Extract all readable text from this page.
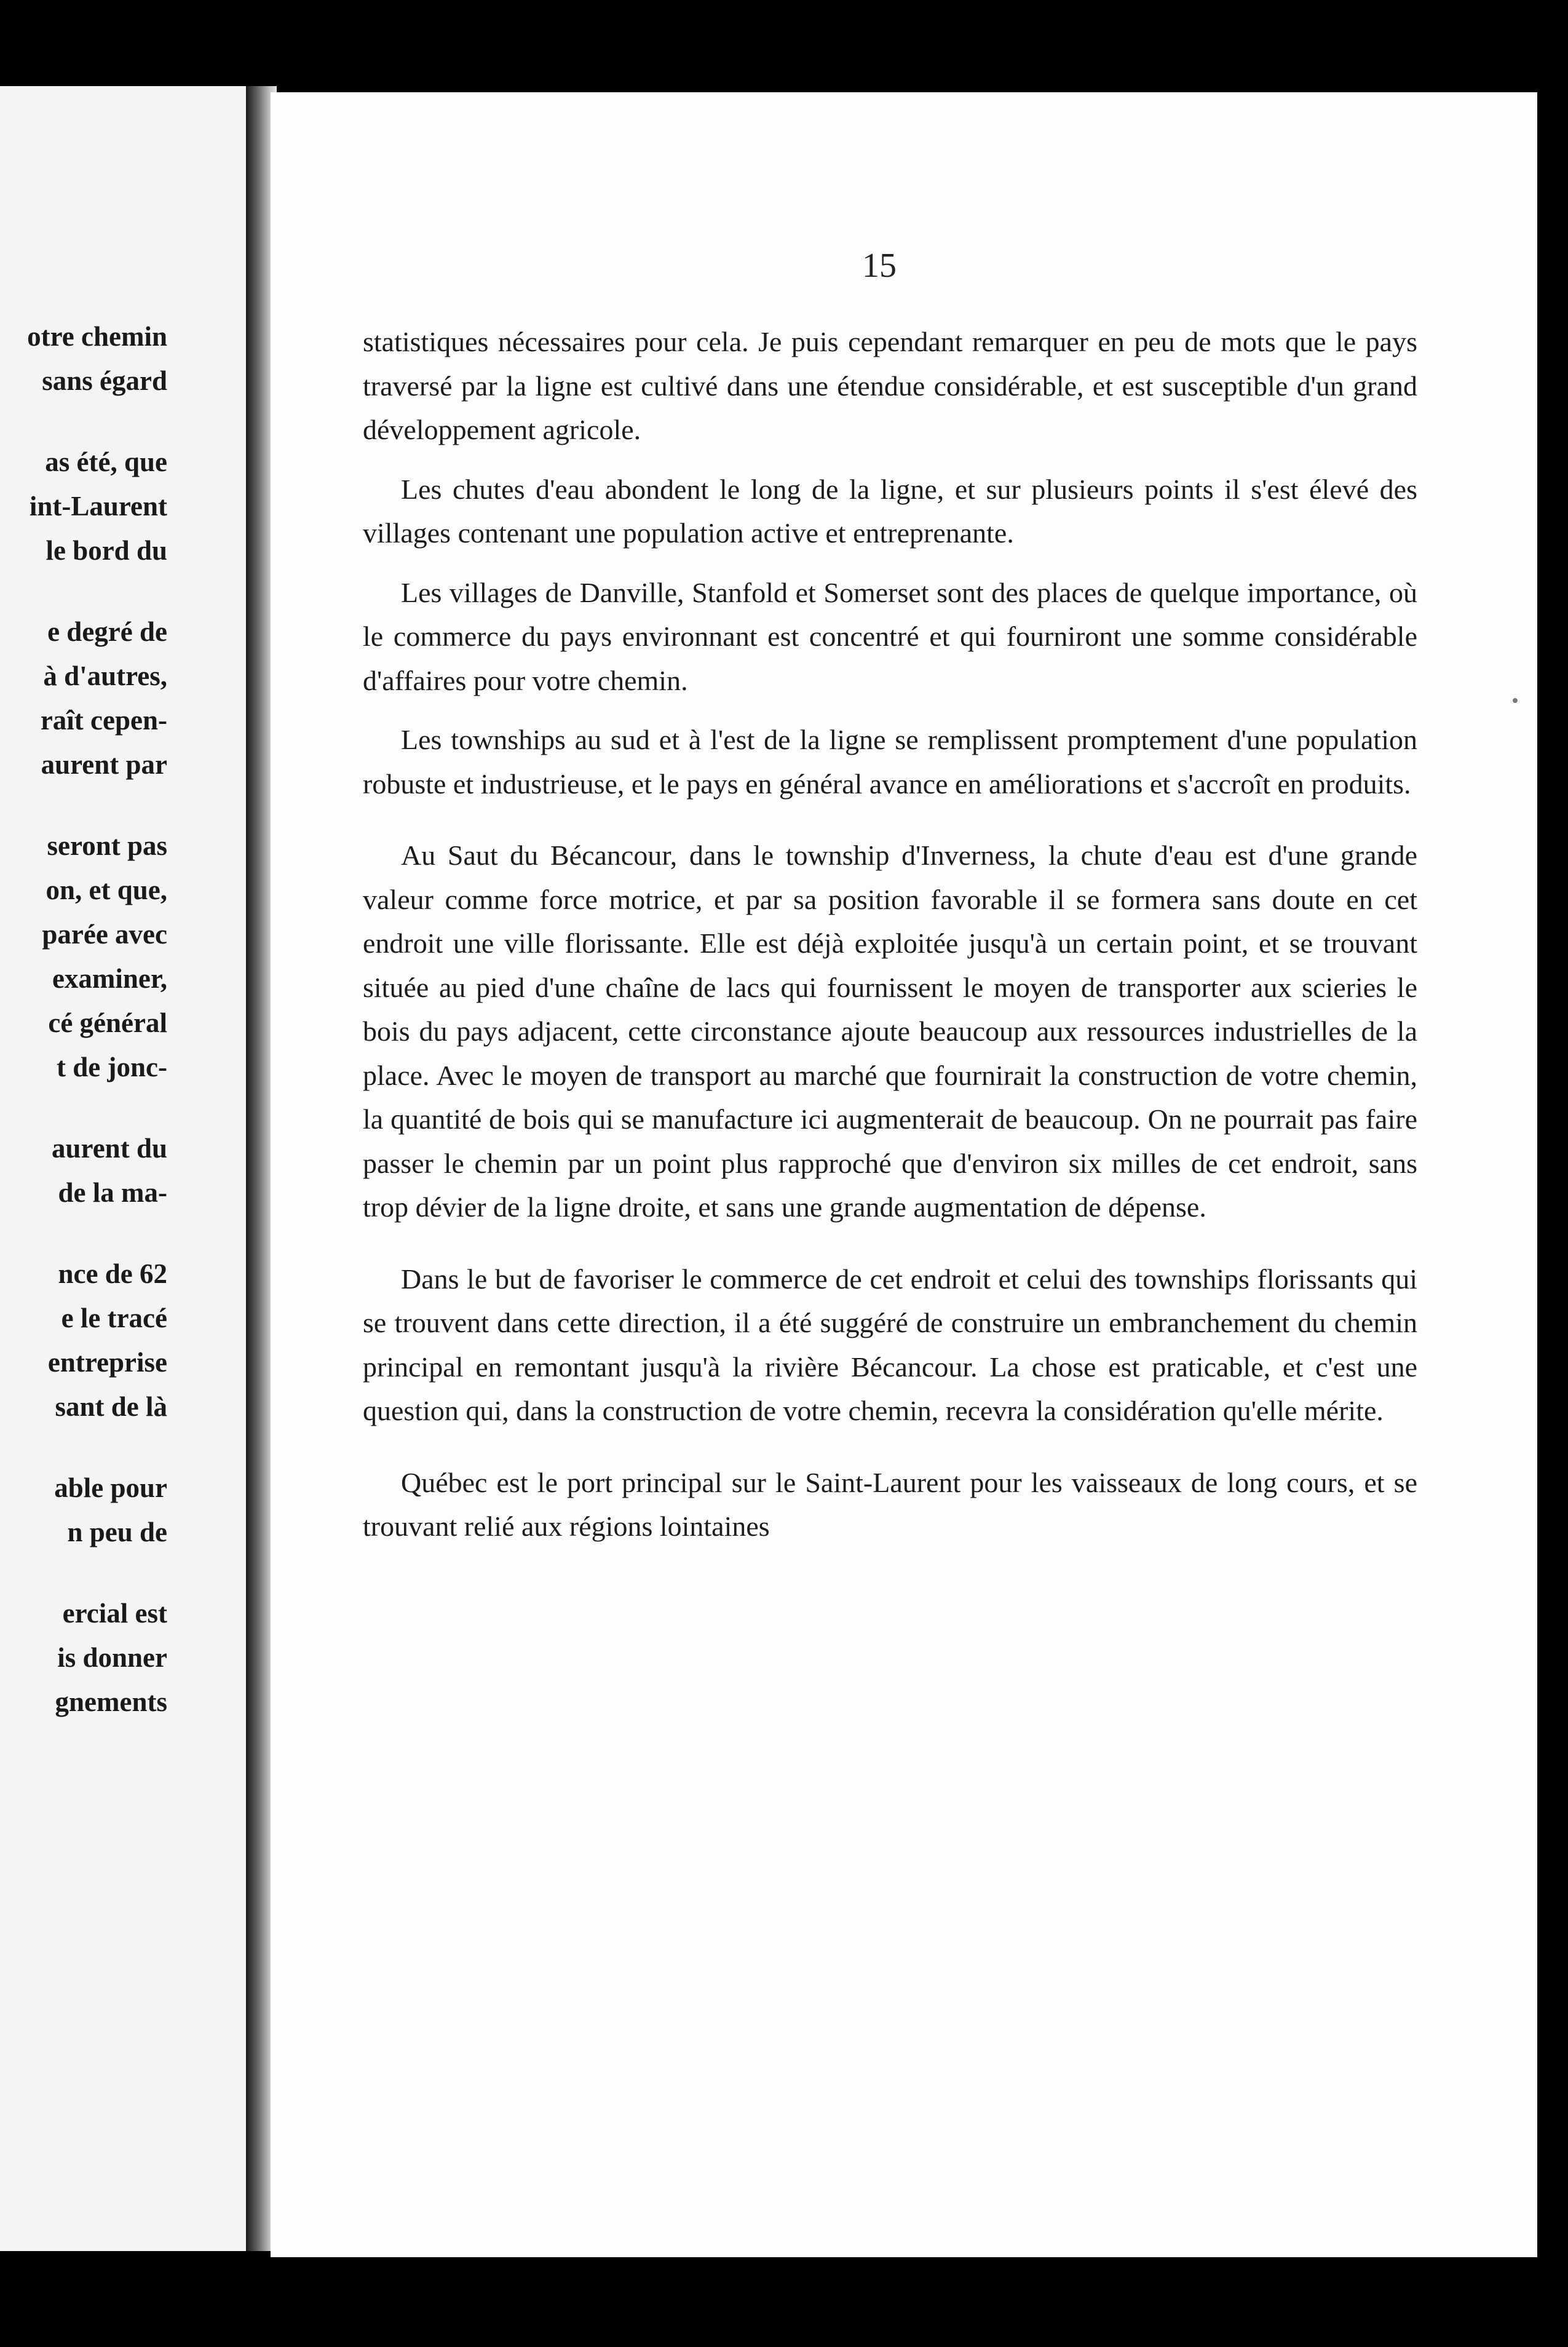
otre chemin
sans égard
as été, que
int-Laurent
le bord du
e degré de
à d'autres,
raît cepen-
aurent par
seront pas
on, et que,
parée avec
examiner,
cé général
t de jonc-
aurent du
de la ma-
nce de 62
e le tracé
entreprise
sant de là
able pour
n peu de
ercial est
is donner
gnements
15

statistiques nécessaires pour cela. Je puis cependant remarquer en peu de mots que le pays traversé par la ligne est cultivé dans une étendue considérable, et est susceptible d'un grand développement agricole.

Les chutes d'eau abondent le long de la ligne, et sur plusieurs points il s'est élevé des villages contenant une population active et entreprenante.

Les villages de Danville, Stanfold et Somerset sont des places de quelque importance, où le commerce du pays environnant est concentré et qui fourniront une somme considérable d'affaires pour votre chemin.

Les townships au sud et à l'est de la ligne se remplissent promptement d'une population robuste et industrieuse, et le pays en général avance en améliorations et s'accroît en produits.

Au Saut du Bécancour, dans le township d'Inverness, la chute d'eau est d'une grande valeur comme force motrice, et par sa position favorable il se formera sans doute en cet endroit une ville florissante. Elle est déjà exploitée jusqu'à un certain point, et se trouvant située au pied d'une chaîne de lacs qui fournissent le moyen de transporter aux scieries le bois du pays adjacent, cette circonstance ajoute beaucoup aux ressources industrielles de la place. Avec le moyen de transport au marché que fournirait la construction de votre chemin, la quantité de bois qui se manufacture ici augmenterait de beaucoup. On ne pourrait pas faire passer le chemin par un point plus rapproché que d'environ six milles de cet endroit, sans trop dévier de la ligne droite, et sans une grande augmentation de dépense.

Dans le but de favoriser le commerce de cet endroit et celui des townships florissants qui se trouvent dans cette direction, il a été suggéré de construire un embranchement du chemin principal en remontant jusqu'à la rivière Bécancour. La chose est praticable, et c'est une question qui, dans la construction de votre chemin, recevra la considération qu'elle mérite.

Québec est le port principal sur le Saint-Laurent pour les vaisseaux de long cours, et se trouvant relié aux régions lointaines
